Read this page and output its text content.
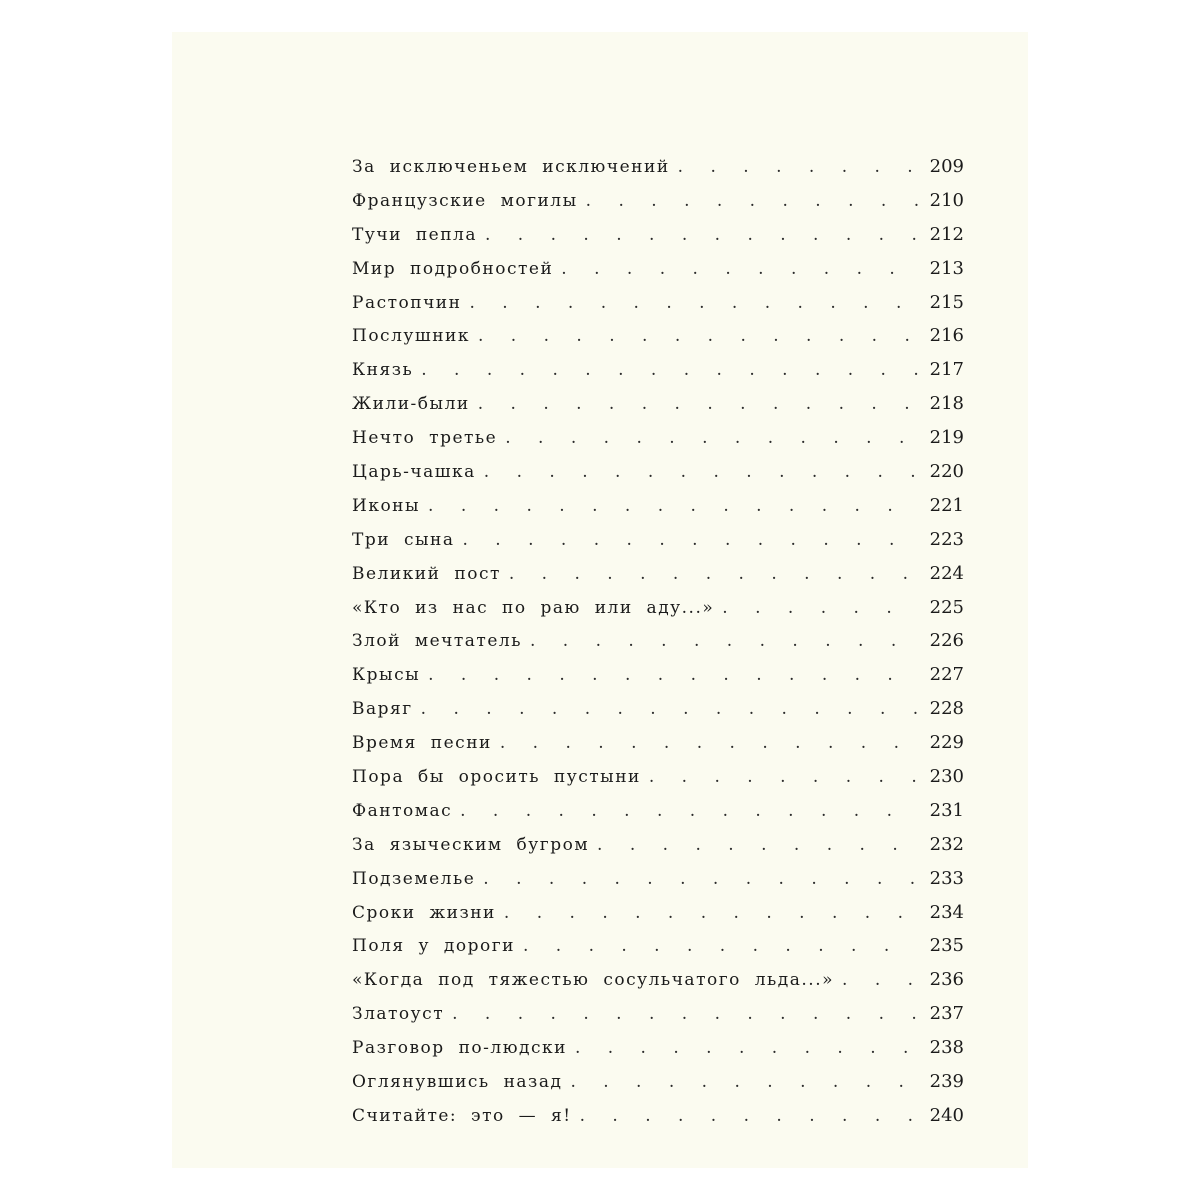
За исключеньем исключений . . .	209
Французские могилы . . .	210
Тучи пепла . . .	212
Мир подробностей . . .	213
Растопчин . . .	215
Послушник . . .	216
Князь . . .	217
Жили-были . . .	218
Нечто третье . . .	219
Царь-чашка . . .	220
Иконы . . .	221
Три сына . . .	223
Великий пост . . .	224
«Кто из нас по раю или аду...» . . .	225
Злой мечтатель . . .	226
Крысы . . .	227
Варяг . . .	228
Время песни . . .	229
Пора бы оросить пустыни . . .	230
Фантомас . . .	231
За языческим бугром . . .	232
Подземелье . . .	233
Сроки жизни . . .	234
Поля у дороги . . .	235
«Когда под тяжестью сосульчатого льда...» . . .	236
Златоуст . . .	237
Разговор по-людски . . .	238
Оглянувшись назад . . .	239
Считайте: это — я! . . .	240
